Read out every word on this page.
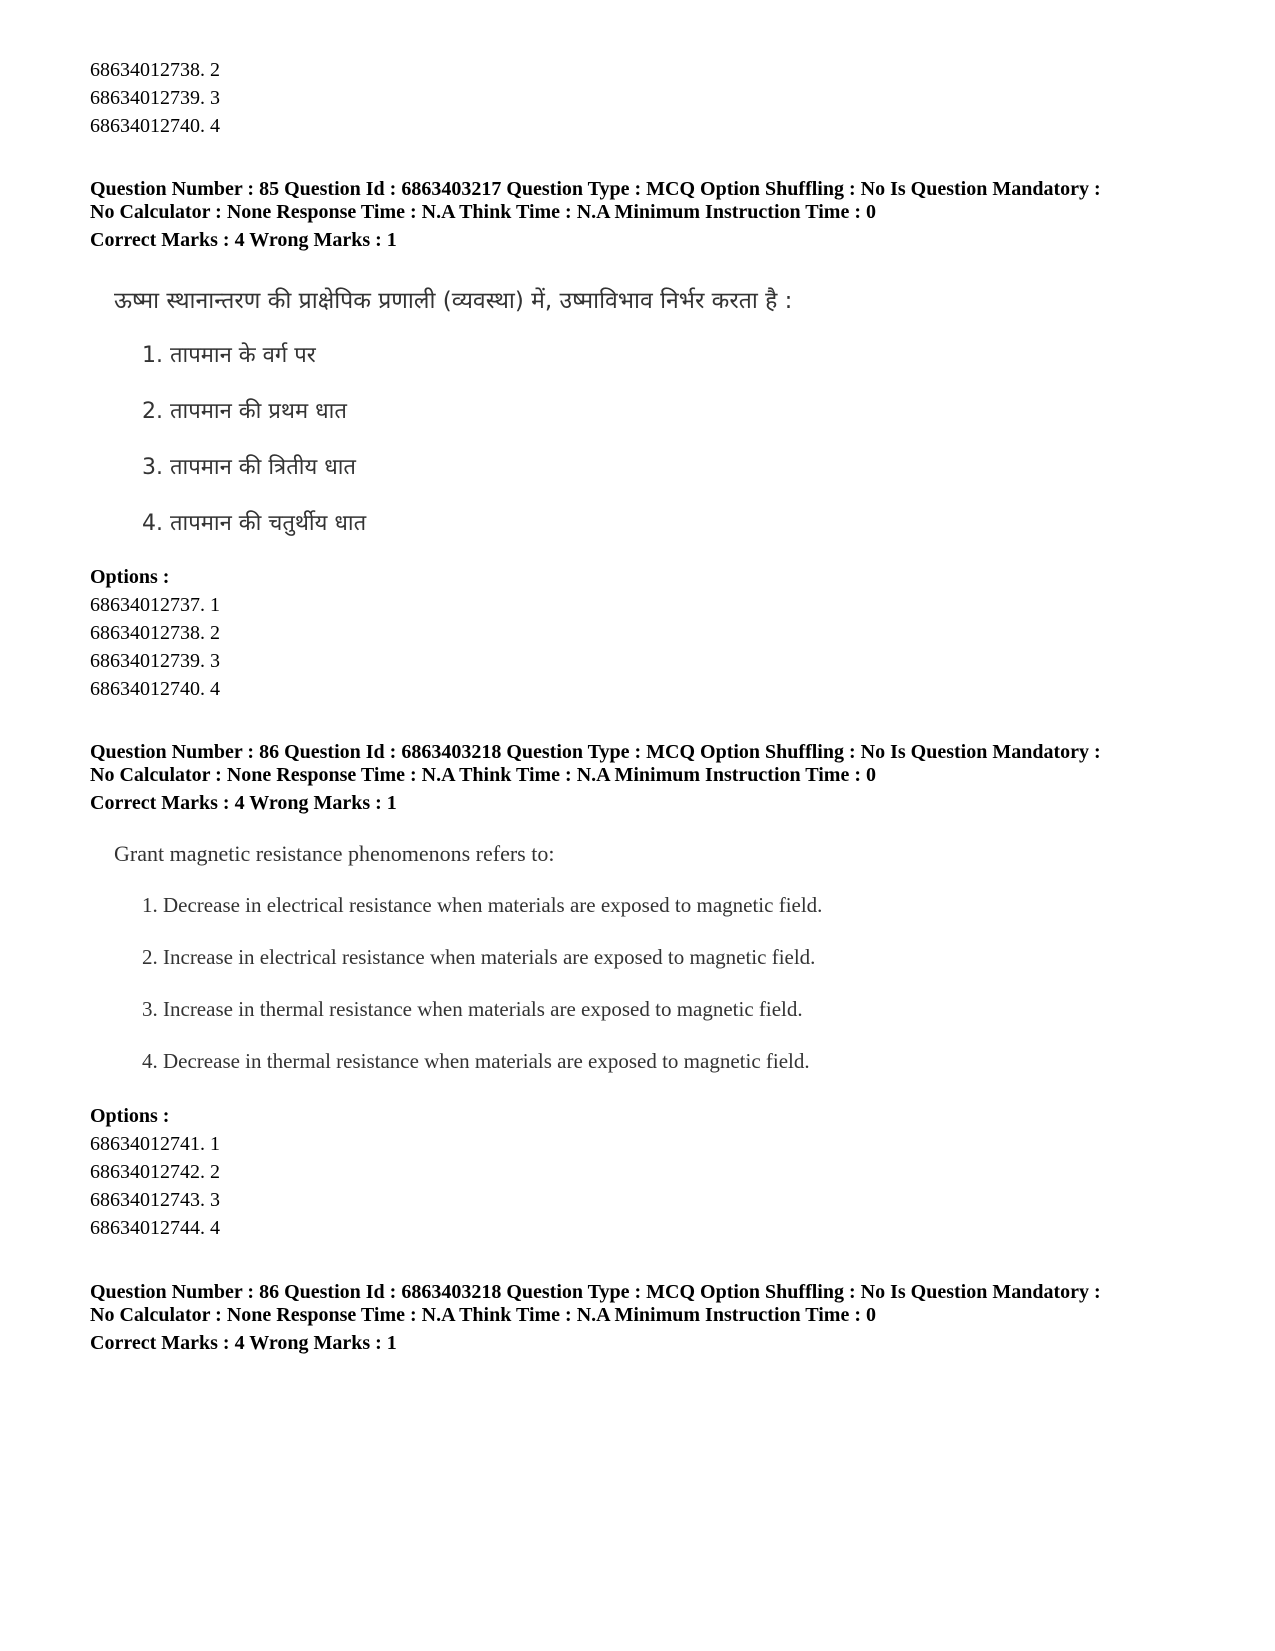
68634012738. 2
68634012739. 3
68634012740. 4
Question Number : 85 Question Id : 6863403217 Question Type : MCQ Option Shuffling : No Is Question Mandatory :
No Calculator : None Response Time : N.A Think Time : N.A Minimum Instruction Time : 0
Correct Marks : 4 Wrong Marks : 1
ऊष्मा स्थानान्तरण की प्राक्षेपिक प्रणाली (व्यवस्था) में, उष्माविभाव निर्भर करता है :
1. तापमान के वर्ग पर
2. तापमान की प्रथम धात
3. तापमान की त्रितीय धात
4. तापमान की चतुर्थीय धात
Options :
68634012737. 1
68634012738. 2
68634012739. 3
68634012740. 4
Question Number : 86 Question Id : 6863403218 Question Type : MCQ Option Shuffling : No Is Question Mandatory :
No Calculator : None Response Time : N.A Think Time : N.A Minimum Instruction Time : 0
Correct Marks : 4 Wrong Marks : 1
Grant magnetic resistance phenomenons refers to:
1. Decrease in electrical resistance when materials are exposed to magnetic field.
2. Increase in electrical resistance when materials are exposed to magnetic field.
3. Increase in thermal resistance when materials are exposed to magnetic field.
4. Decrease in thermal resistance when materials are exposed to magnetic field.
Options :
68634012741. 1
68634012742. 2
68634012743. 3
68634012744. 4
Question Number : 86 Question Id : 6863403218 Question Type : MCQ Option Shuffling : No Is Question Mandatory :
No Calculator : None Response Time : N.A Think Time : N.A Minimum Instruction Time : 0
Correct Marks : 4 Wrong Marks : 1
